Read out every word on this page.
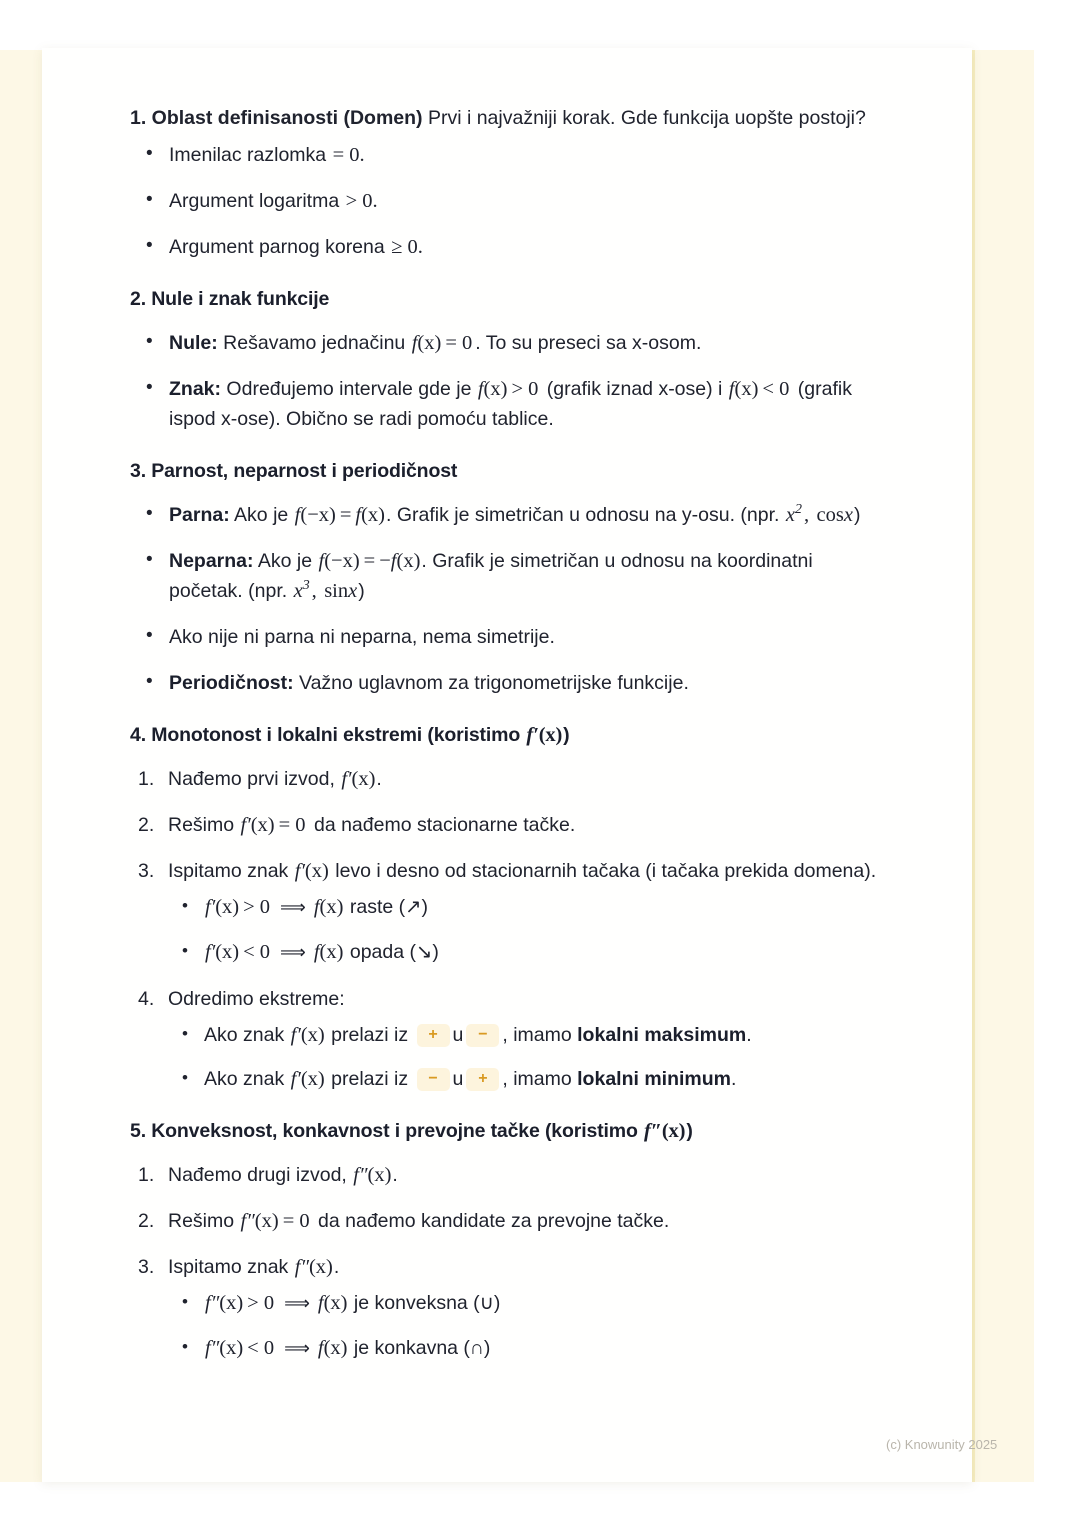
1. Oblast definisanosti (Domen) Prvi i najvažniji korak. Gde funkcija uopšte postoji?

• Imenilac razlomka = 0.
• Argument logaritma > 0.
• Argument parnog korena ≥ 0.
2. Nule i znak funkcije
• Nule: Rešavamo jednačinu f(x) = 0 . To su preseci sa x-osom.
• Znak: Određujemo intervale gde je f(x) > 0 (grafik iznad x-ose) i f(x) < 0 (grafik ispod x-ose). Obično se radi pomoću tablice.
3. Parnost, neparnost i periodičnost
• Parna: Ako je f(−x) = f(x). Grafik je simetričan u odnosu na y-osu. (npr. $x^2$, cosx)
• Neparna: Ako je f(−x) = −f(x). Grafik je simetričan u odnosu na koordinatni početak. (npr. $x^3$, sinx)
• Ako nije ni parna ni neparna, nema simetrije.
• Periodičnost: Važno uglavnom za trigonometrijske funkcije.
4. Monotonost i lokalni ekstremi (koristimo f′(x))
Nađemo prvi izvod, f′(x).
Rešimo f′(x) = 0 da nađemo stacionarne tačke.
Ispitamo znak f′(x) levo i desno od stacionarnih tačaka (i tačaka prekida domena).
• f′(x) > 0 ⟹ f(x) raste (↗)
• f′(x) < 0 ⟹ f(x) opada (↘)
Odredimo ekstreme:
• Ako znak f′(x) prelazi iz + u − , imamo lokalni maksimum.
• Ako znak f′(x) prelazi iz − u + , imamo lokalni minimum.
5. Konveksnost, konkavnost i prevojne tačke (koristimo f″(x))
Nađemo drugi izvod, f″(x).
Rešimo f″(x) = 0 da nađemo kandidate za prevojne tačke.
Ispitamo znak f″(x).
• f″(x) > 0 ⟹ f(x) je konveksna (∪)
• f″(x) < 0 ⟹ f(x) je konkavna (∩)
(c) Knowunity 2025
